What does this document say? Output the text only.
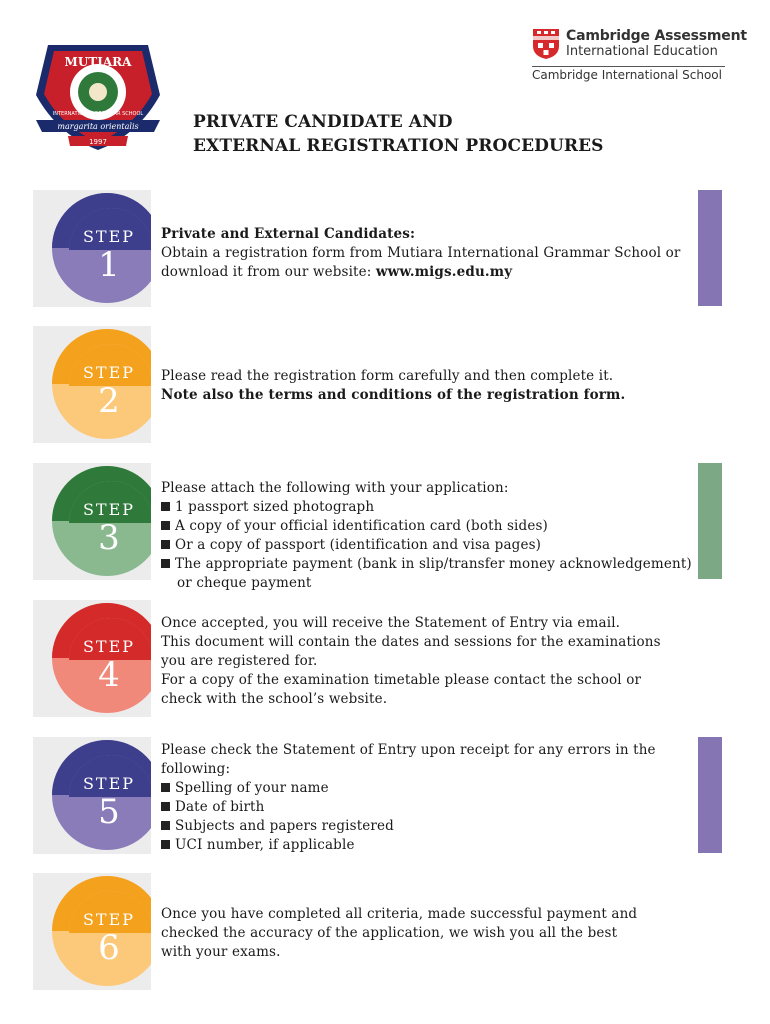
MUTIARA
INTERNATIONAL GRAMMAR SCHOOL
margarita orientalis
1997
Cambridge Assessment
International Education
Cambridge International School
PRIVATE CANDIDATE AND
EXTERNAL REGISTRATION PROCEDURES
STEP
1
Private and External Candidates:
Obtain a registration form from Mutiara International Grammar School or
download it from our website: www.migs.edu.my
STEP
2
Please read the registration form carefully and then complete it.
Note also the terms and conditions of the registration form.
STEP
3
Please attach the following with your application:
1 passport sized photograph
A copy of your official identification card (both sides)
Or a copy of passport (identification and visa pages)
The appropriate payment (bank in slip/transfer money acknowledgement)
or cheque payment
STEP
4
Once accepted, you will receive the Statement of Entry via email.
This document will contain the dates and sessions for the examinations
you are registered for.
For a copy of the examination timetable please contact the school or
check with the school’s website.
STEP
5
Please check the Statement of Entry upon receipt for any errors in the
following:
Spelling of your name
Date of birth
Subjects and papers registered
UCI number, if applicable
STEP
6
Once you have completed all criteria, made successful payment and
checked the accuracy of the application, we wish you all the best
with your exams.
